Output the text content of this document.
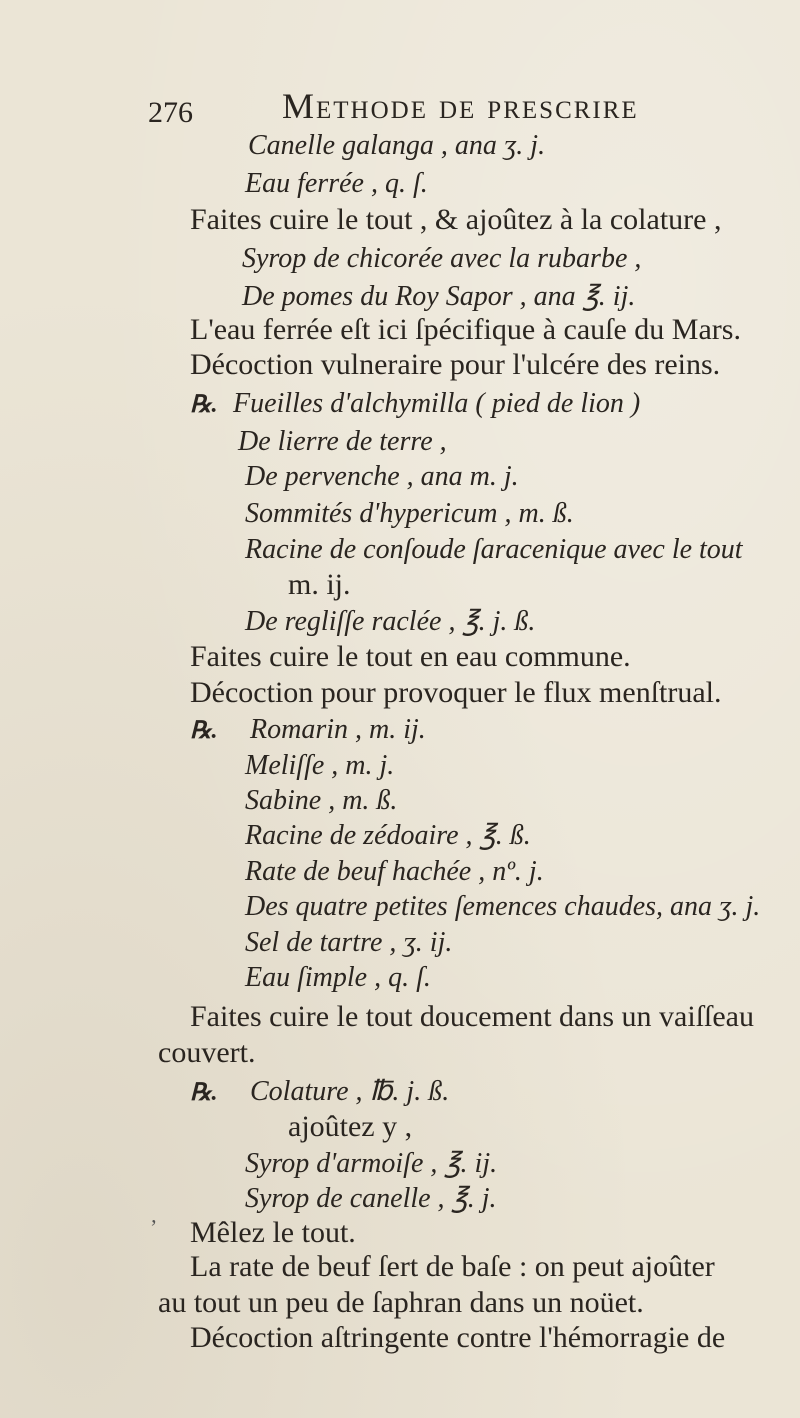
276 Methode de prescrire
Canelle galanga , ana ʒ. j.
Eau ferrée , q. ſ.
Faites cuire le tout , & ajoûtez à la colature ,
Syrop de chicorée avec la rubarbe ,
De pomes du Roy Sapor , ana ℥. ij.
L'eau ferrée eſt ici ſpécifique à cauſe du Mars.
Décoction vulneraire pour l'ulcére des reins.
℞. Fueilles d'alchymilla ( pied de lion )
De lierre de terre ,
De pervenche , ana m. j.
Sommités d'hypericum , m. ß.
Racine de conſoude ſaracenique avec le tout
m. ij.
De regliſſe raclée , ℥. j. ß.
Faites cuire le tout en eau commune.
Décoction pour provoquer le flux menſtrual.
℞. Romarin , m. ij.
Meliſſe , m. j.
Sabine , m. ß.
Racine de zédoaire , ℥. ß.
Rate de beuf hachée , nº. j.
Des quatre petites ſemences chaudes, ana ʒ. j.
Sel de tartre , ʒ. ij.
Eau ſimple , q. ſ.
Faites cuire le tout doucement dans un vaiſſeau
couvert.
℞. Colature , ℔. j. ß.
ajoûtez y ,
Syrop d'armoiſe , ℥. ij.
Syrop de canelle , ℥. j.
Mêlez le tout.
La rate de beuf ſert de baſe : on peut ajoûter
au tout un peu de ſaphran dans un noüet.
Décoction aſtringente contre l'hémorragie de
ʼ
